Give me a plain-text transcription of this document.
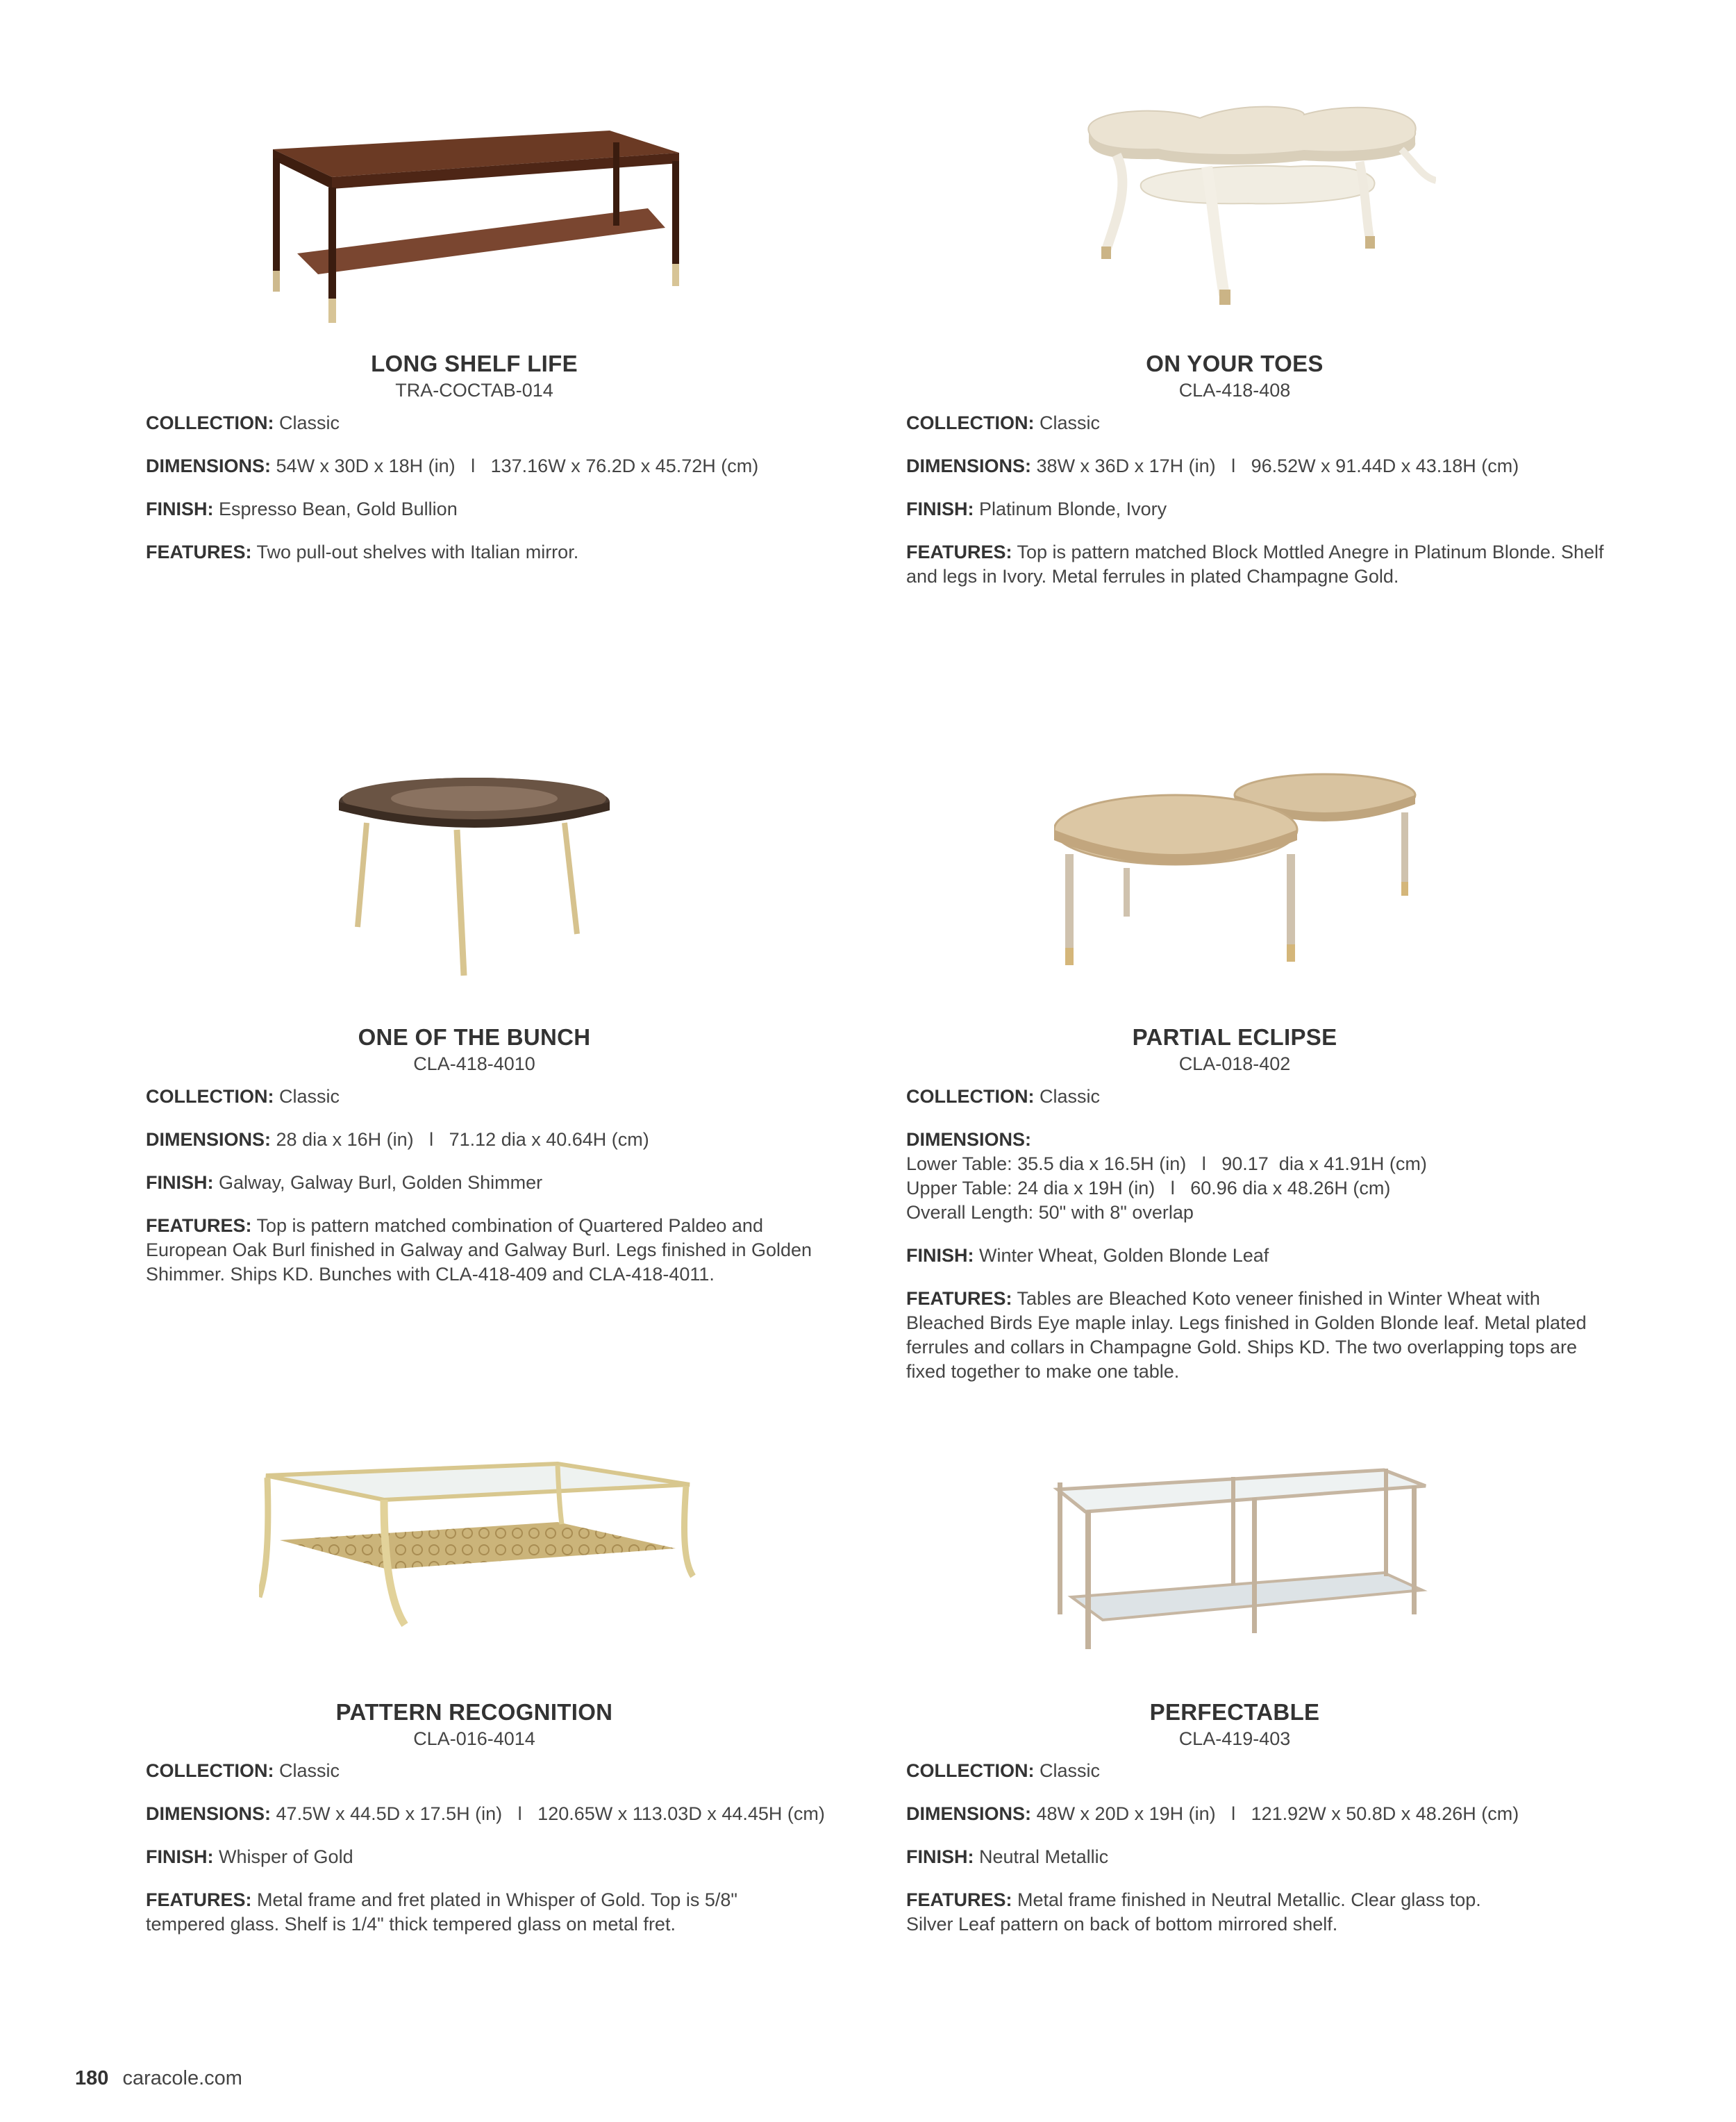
LONG SHELF LIFE
TRA-COCTAB-014
COLLECTION: Classic
DIMENSIONS: 54W x 30D x 18H (in)   l   137.16W x 76.2D x 45.72H (cm)
FINISH: Espresso Bean, Gold Bullion
FEATURES: Two pull-out shelves with Italian mirror.
ON YOUR TOES
CLA-418-408
COLLECTION: Classic
DIMENSIONS: 38W x 36D x 17H (in)   l   96.52W x 91.44D x 43.18H (cm)
FINISH: Platinum Blonde, Ivory
FEATURES: Top is pattern matched Block Mottled Anegre in Platinum Blonde. Shelf and legs in Ivory. Metal ferrules in plated Champagne Gold.
ONE OF THE BUNCH
CLA-418-4010
COLLECTION: Classic
DIMENSIONS: 28 dia x 16H (in)   l   71.12 dia x 40.64H (cm)
FINISH: Galway, Galway Burl, Golden Shimmer
FEATURES: Top is pattern matched combination of Quartered Paldeo and European Oak Burl finished in Galway and Galway Burl. Legs finished in Golden Shimmer. Ships KD. Bunches with CLA-418-409 and CLA-418-4011.
PARTIAL ECLIPSE
CLA-018-402
COLLECTION: Classic
DIMENSIONS:
Lower Table: 35.5 dia x 16.5H (in)   l   90.17  dia x 41.91H (cm)
Upper Table: 24 dia x 19H (in)   l   60.96 dia x 48.26H (cm)
Overall Length: 50" with 8" overlap
FINISH: Winter Wheat, Golden Blonde Leaf
FEATURES: Tables are Bleached Koto veneer finished in Winter Wheat with Bleached Birds Eye maple inlay. Legs finished in Golden Blonde leaf. Metal plated ferrules and collars in Champagne Gold. Ships KD. The two overlapping tops are fixed together to make one table.
PATTERN RECOGNITION
CLA-016-4014
COLLECTION: Classic
DIMENSIONS: 47.5W x 44.5D x 17.5H (in)   l   120.65W x 113.03D x 44.45H (cm)
FINISH: Whisper of Gold
FEATURES: Metal frame and fret plated in Whisper of Gold. Top is 5/8" tempered glass. Shelf is 1/4" thick tempered glass on metal fret.
PERFECTABLE
CLA-419-403
COLLECTION: Classic
DIMENSIONS: 48W x 20D x 19H (in)   l   121.92W x 50.8D x 48.26H (cm)
FINISH: Neutral Metallic
FEATURES: Metal frame finished in Neutral Metallic. Clear glass top. Silver Leaf pattern on back of bottom mirrored shelf.
180 caracole.com
